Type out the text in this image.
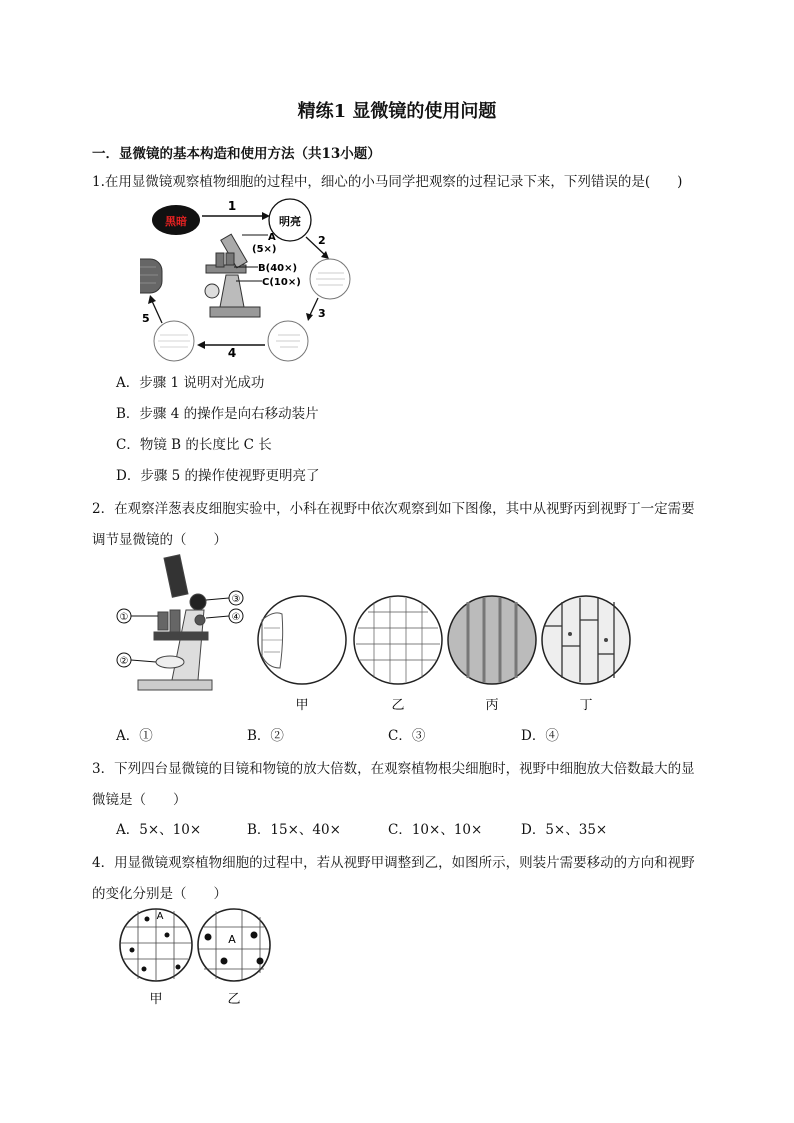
精练1 显微镜的使用问题
一．显微镜的基本构造和使用方法（共13小题）
1.在用显微镜观察植物细胞的过程中，细心的小马同学把观察的过程记录下来，下列错误的是(　　)
黑暗
1
明亮
2
3
4
5
A
(5×)
B(40×)
C(10×)
A．步骤 1 说明对光成功
B．步骤 4 的操作是向右移动装片
C．物镜 B 的长度比 C 长
D．步骤 5 的操作使视野更明亮了
2．在观察洋葱表皮细胞实验中，小科在视野中依次观察到如下图像，其中从视野丙到视野丁一定需要调节显微镜的（　　）
③
④
①
②
甲	乙	丙	丁
A．①	B．②	C．③	D．④
3．下列四台显微镜的目镜和物镜的放大倍数，在观察植物根尖细胞时，视野中细胞放大倍数最大的显微镜是（　　）
A．5×、10×	B．15×、40×	C．10×、10×	D．5×、35×
4．用显微镜观察植物细胞的过程中，若从视野甲调整到乙，如图所示，则装片需要移动的方向和视野的变化分别是（　　）
A
A
甲	乙
